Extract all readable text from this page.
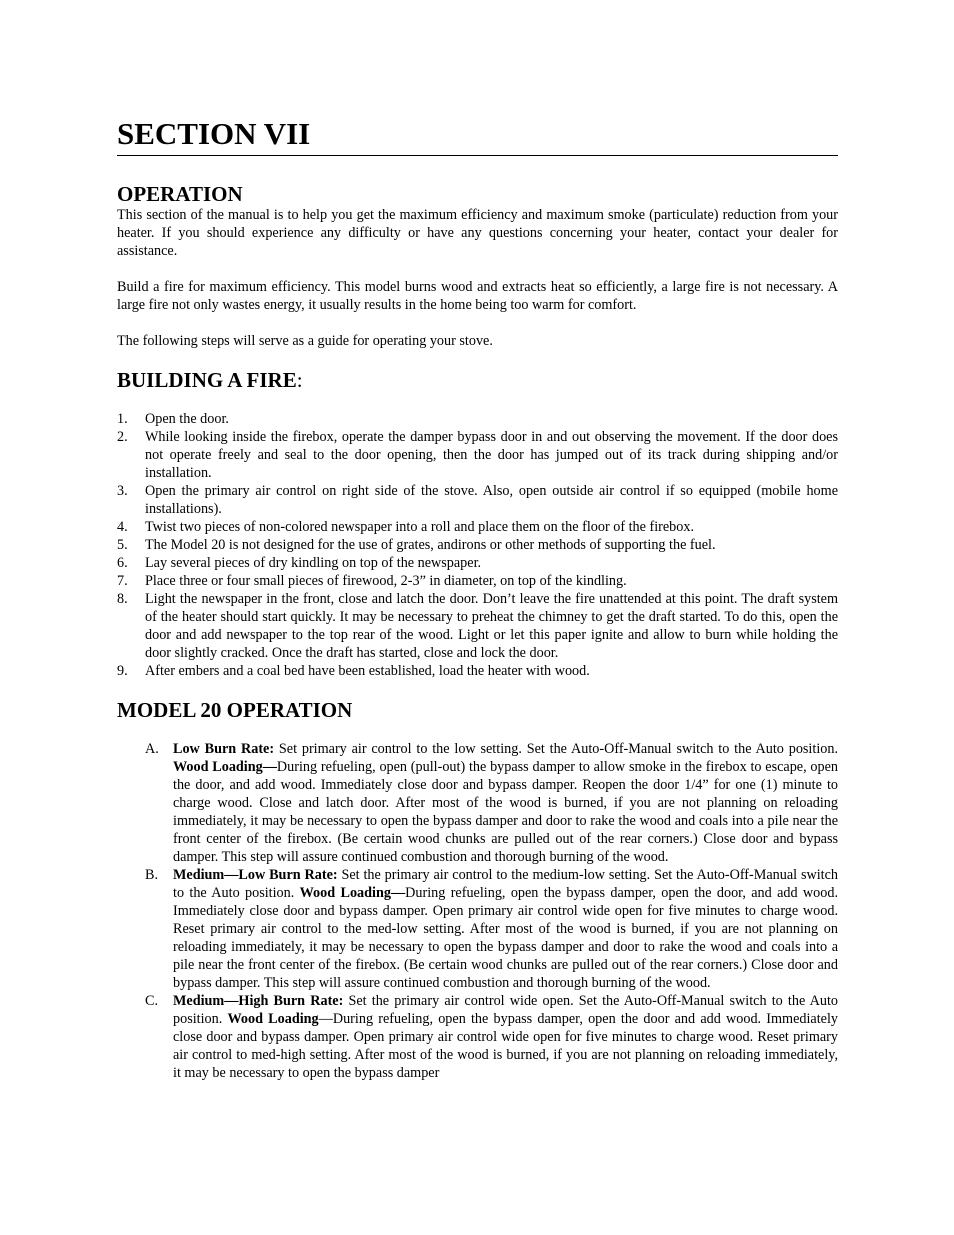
SECTION VII
OPERATION

This section of the manual is to help you get the maximum efficiency and maximum smoke (particulate) reduction from your heater. If you should experience any difficulty or have any questions concerning your heater, contact your dealer for assistance.

Build a fire for maximum efficiency. This model burns wood and extracts heat so efficiently, a large fire is not necessary. A large fire not only wastes energy, it usually results in the home being too warm for comfort.

The following steps will serve as a guide for operating your stove.

BUILDING A FIRE:
1. Open the door.
2. While looking inside the firebox, operate the damper bypass door in and out observing the movement. If the door does not operate freely and seal to the door opening, then the door has jumped out of its track during shipping and/or installation.
3. Open the primary air control on right side of the stove. Also, open outside air control if so equipped (mobile home installations).
4. Twist two pieces of non-colored newspaper into a roll and place them on the floor of the firebox.
5. The Model 20 is not designed for the use of grates, andirons or other methods of supporting the fuel.
6. Lay several pieces of dry kindling on top of the newspaper.
7. Place three or four small pieces of firewood, 2-3” in diameter, on top of the kindling.
8. Light the newspaper in the front, close and latch the door. Don’t leave the fire unattended at this point. The draft system of the heater should start quickly. It may be necessary to preheat the chimney to get the draft started. To do this, open the door and add newspaper to the top rear of the wood. Light or let this paper ignite and allow to burn while holding the door slightly cracked. Once the draft has started, close and lock the door.
9. After embers and a coal bed have been established, load the heater with wood.
MODEL 20 OPERATION
A. Low Burn Rate: Set primary air control to the low setting. Set the Auto-Off-Manual switch to the Auto position. Wood Loading—During refueling, open (pull-out) the bypass damper to allow smoke in the firebox to escape, open the door, and add wood. Immediately close door and bypass damper. Reopen the door 1/4” for one (1) minute to charge wood. Close and latch door. After most of the wood is burned, if you are not planning on reloading immediately, it may be necessary to open the bypass damper and door to rake the wood and coals into a pile near the front center of the firebox. (Be certain wood chunks are pulled out of the rear corners.) Close door and bypass damper. This step will assure continued combustion and thorough burning of the wood.
B. Medium—Low Burn Rate: Set the primary air control to the medium-low setting. Set the Auto-Off-Manual switch to the Auto position. Wood Loading—During refueling, open the bypass damper, open the door, and add wood. Immediately close door and bypass damper. Open primary air control wide open for five minutes to charge wood. Reset primary air control to the med-low setting. After most of the wood is burned, if you are not planning on reloading immediately, it may be necessary to open the bypass damper and door to rake the wood and coals into a pile near the front center of the firebox. (Be certain wood chunks are pulled out of the rear corners.) Close door and bypass damper. This step will assure continued combustion and thorough burning of the wood.
C. Medium—High Burn Rate: Set the primary air control wide open. Set the Auto-Off-Manual switch to the Auto position. Wood Loading—During refueling, open the bypass damper, open the door and add wood. Immediately close door and bypass damper. Open primary air control wide open for five minutes to charge wood. Reset primary air control to med-high setting. After most of the wood is burned, if you are not planning on reloading immediately, it may be necessary to open the bypass damper
